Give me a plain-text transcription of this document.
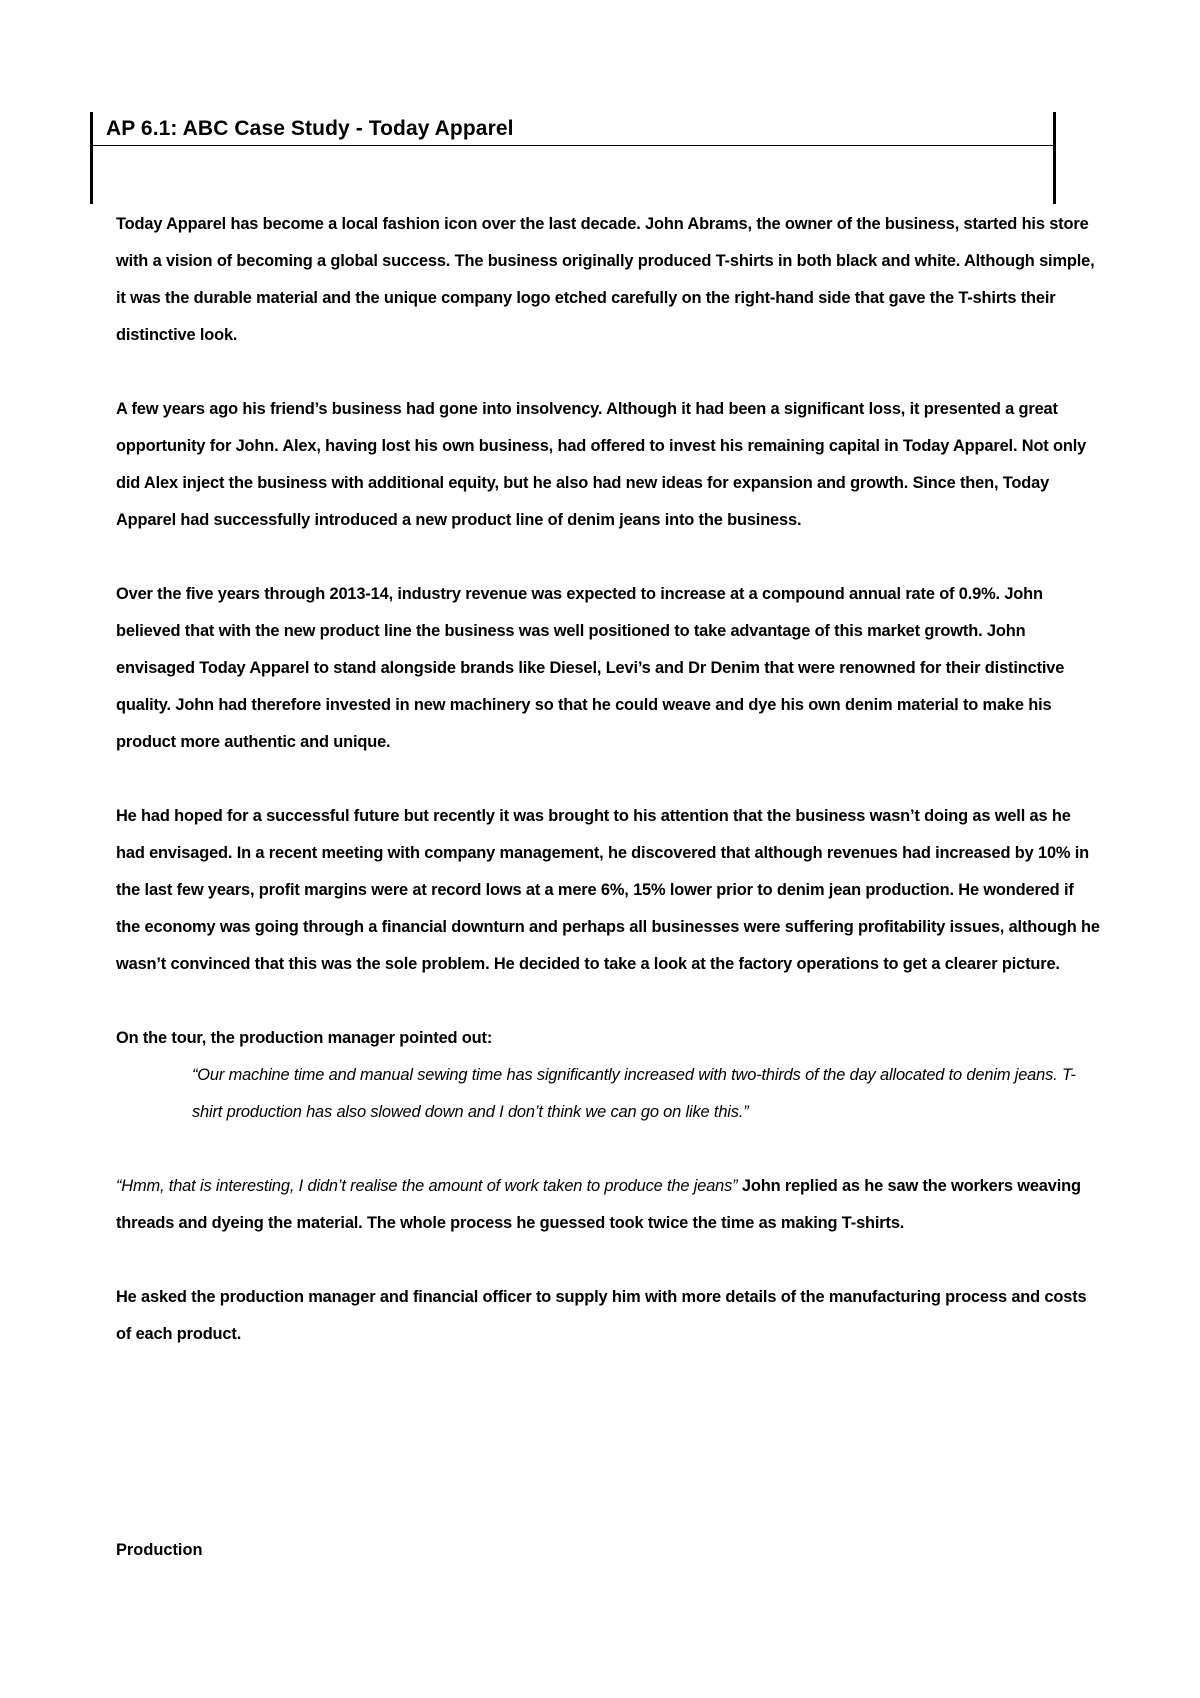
AP 6.1: ABC Case Study - Today Apparel

Today Apparel has become a local fashion icon over the last decade. John Abrams, the owner of the business, started his store with a vision of becoming a global success. The business originally produced T-shirts in both black and white. Although simple, it was the durable material and the unique company logo etched carefully on the right-hand side that gave the T-shirts their distinctive look.

A few years ago his friend’s business had gone into insolvency. Although it had been a significant loss, it presented a great opportunity for John. Alex, having lost his own business, had offered to invest his remaining capital in Today Apparel. Not only did Alex inject the business with additional equity, but he also had new ideas for expansion and growth. Since then, Today Apparel had successfully introduced a new product line of denim jeans into the business.

Over the five years through 2013-14, industry revenue was expected to increase at a compound annual rate of 0.9%. John believed that with the new product line the business was well positioned to take advantage of this market growth. John envisaged Today Apparel to stand alongside brands like Diesel, Levi’s and Dr Denim that were renowned for their distinctive quality. John had therefore invested in new machinery so that he could weave and dye his own denim material to make his product more authentic and unique.

He had hoped for a successful future but recently it was brought to his attention that the business wasn’t doing as well as he had envisaged. In a recent meeting with company management, he discovered that although revenues had increased by 10% in the last few years, profit margins were at record lows at a mere 6%, 15% lower prior to denim jean production. He wondered if the economy was going through a financial downturn and perhaps all businesses were suffering profitability issues, although he wasn’t convinced that this was the sole problem. He decided to take a look at the factory operations to get a clearer picture.

On the tour, the production manager pointed out:

“Our machine time and manual sewing time has significantly increased with two-thirds of the day allocated to denim jeans. T-shirt production has also slowed down and I don’t think we can go on like this.”

“Hmm, that is interesting, I didn’t realise the amount of work taken to produce the jeans” John replied as he saw the workers weaving threads and dyeing the material. The whole process he guessed took twice the time as making T-shirts.

He asked the production manager and financial officer to supply him with more details of the manufacturing process and costs of each product.

Production
